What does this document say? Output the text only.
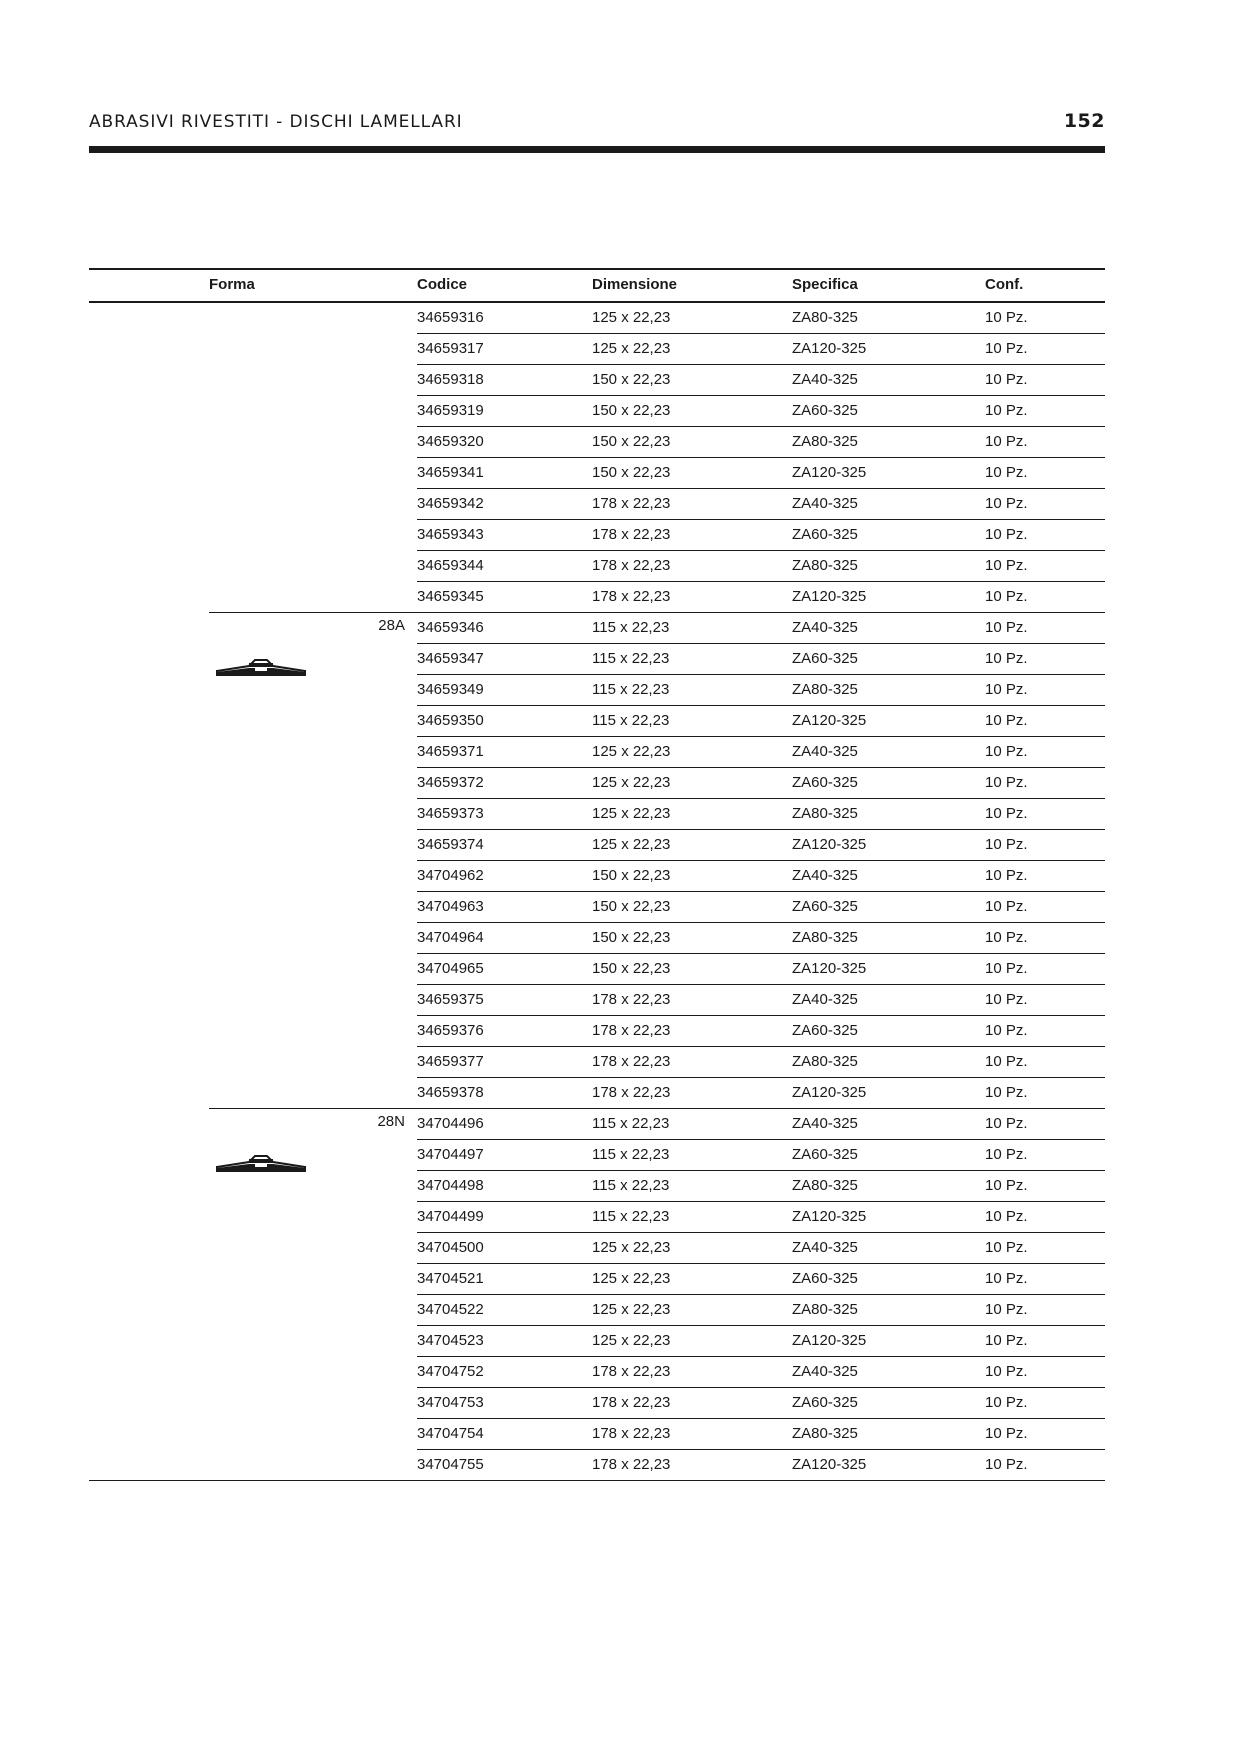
ABRASIVI RIVESTITI - DISCHI LAMELLARI	152
Forma	Codice	Dimensione	Specifica	Conf.
34659316	125 x 22,23	ZA80-325	10 Pz.
34659317	125 x 22,23	ZA120-325	10 Pz.
34659318	150 x 22,23	ZA40-325	10 Pz.
34659319	150 x 22,23	ZA60-325	10 Pz.
34659320	150 x 22,23	ZA80-325	10 Pz.
34659341	150 x 22,23	ZA120-325	10 Pz.
34659342	178 x 22,23	ZA40-325	10 Pz.
34659343	178 x 22,23	ZA60-325	10 Pz.
34659344	178 x 22,23	ZA80-325	10 Pz.
34659345	178 x 22,23	ZA120-325	10 Pz.
28A 34659346	115 x 22,23	ZA40-325	10 Pz.
34659347	115 x 22,23	ZA60-325	10 Pz.
34659349	115 x 22,23	ZA80-325	10 Pz.
34659350	115 x 22,23	ZA120-325	10 Pz.
34659371	125 x 22,23	ZA40-325	10 Pz.
34659372	125 x 22,23	ZA60-325	10 Pz.
34659373	125 x 22,23	ZA80-325	10 Pz.
34659374	125 x 22,23	ZA120-325	10 Pz.
34704962	150 x 22,23	ZA40-325	10 Pz.
34704963	150 x 22,23	ZA60-325	10 Pz.
34704964	150 x 22,23	ZA80-325	10 Pz.
34704965	150 x 22,23	ZA120-325	10 Pz.
34659375	178 x 22,23	ZA40-325	10 Pz.
34659376	178 x 22,23	ZA60-325	10 Pz.
34659377	178 x 22,23	ZA80-325	10 Pz.
34659378	178 x 22,23	ZA120-325	10 Pz.
28N 34704496	115 x 22,23	ZA40-325	10 Pz.
34704497	115 x 22,23	ZA60-325	10 Pz.
34704498	115 x 22,23	ZA80-325	10 Pz.
34704499	115 x 22,23	ZA120-325	10 Pz.
34704500	125 x 22,23	ZA40-325	10 Pz.
34704521	125 x 22,23	ZA60-325	10 Pz.
34704522	125 x 22,23	ZA80-325	10 Pz.
34704523	125 x 22,23	ZA120-325	10 Pz.
34704752	178 x 22,23	ZA40-325	10 Pz.
34704753	178 x 22,23	ZA60-325	10 Pz.
34704754	178 x 22,23	ZA80-325	10 Pz.
34704755	178 x 22,23	ZA120-325	10 Pz.
